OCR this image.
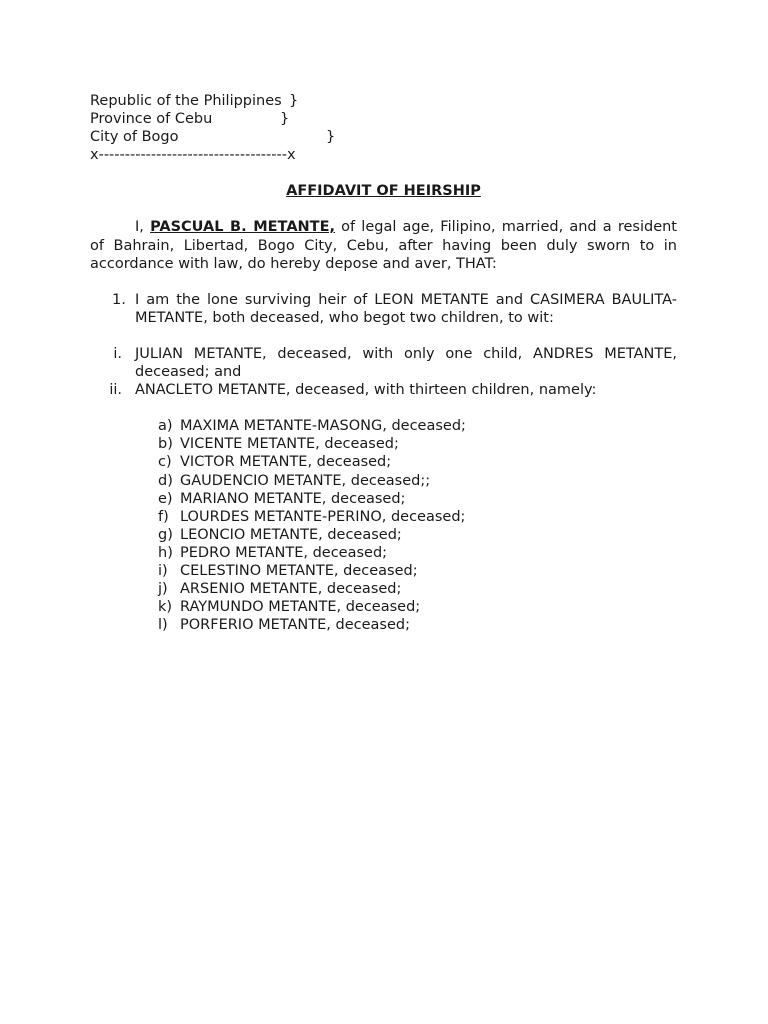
Republic of the Philippines }
Province of Cebu	}
City of Bogo	}
x------------------------------------x
AFFIDAVIT OF HEIRSHIP
I, PASCUAL B. METANTE, of legal age, Filipino, married, and a resident of Bahrain, Libertad, Bogo City, Cebu, after having been duly sworn to in accordance with law, do hereby depose and aver, THAT:
1. I am the lone surviving heir of LEON METANTE and CASIMERA BAULITA-METANTE, both deceased, who begot two children, to wit:
i. JULIAN METANTE, deceased, with only one child, ANDRES METANTE, deceased; and
ii. ANACLETO METANTE, deceased, with thirteen children, namely:
a) MAXIMA METANTE-MASONG, deceased;
b) VICENTE METANTE, deceased;
c) VICTOR METANTE, deceased;
d) GAUDENCIO METANTE, deceased;;
e) MARIANO METANTE, deceased;
f) LOURDES METANTE-PERINO, deceased;
g) LEONCIO METANTE, deceased;
h) PEDRO METANTE, deceased;
i) CELESTINO METANTE, deceased;
j) ARSENIO METANTE, deceased;
k) RAYMUNDO METANTE, deceased;
l) PORFERIO METANTE, deceased;
